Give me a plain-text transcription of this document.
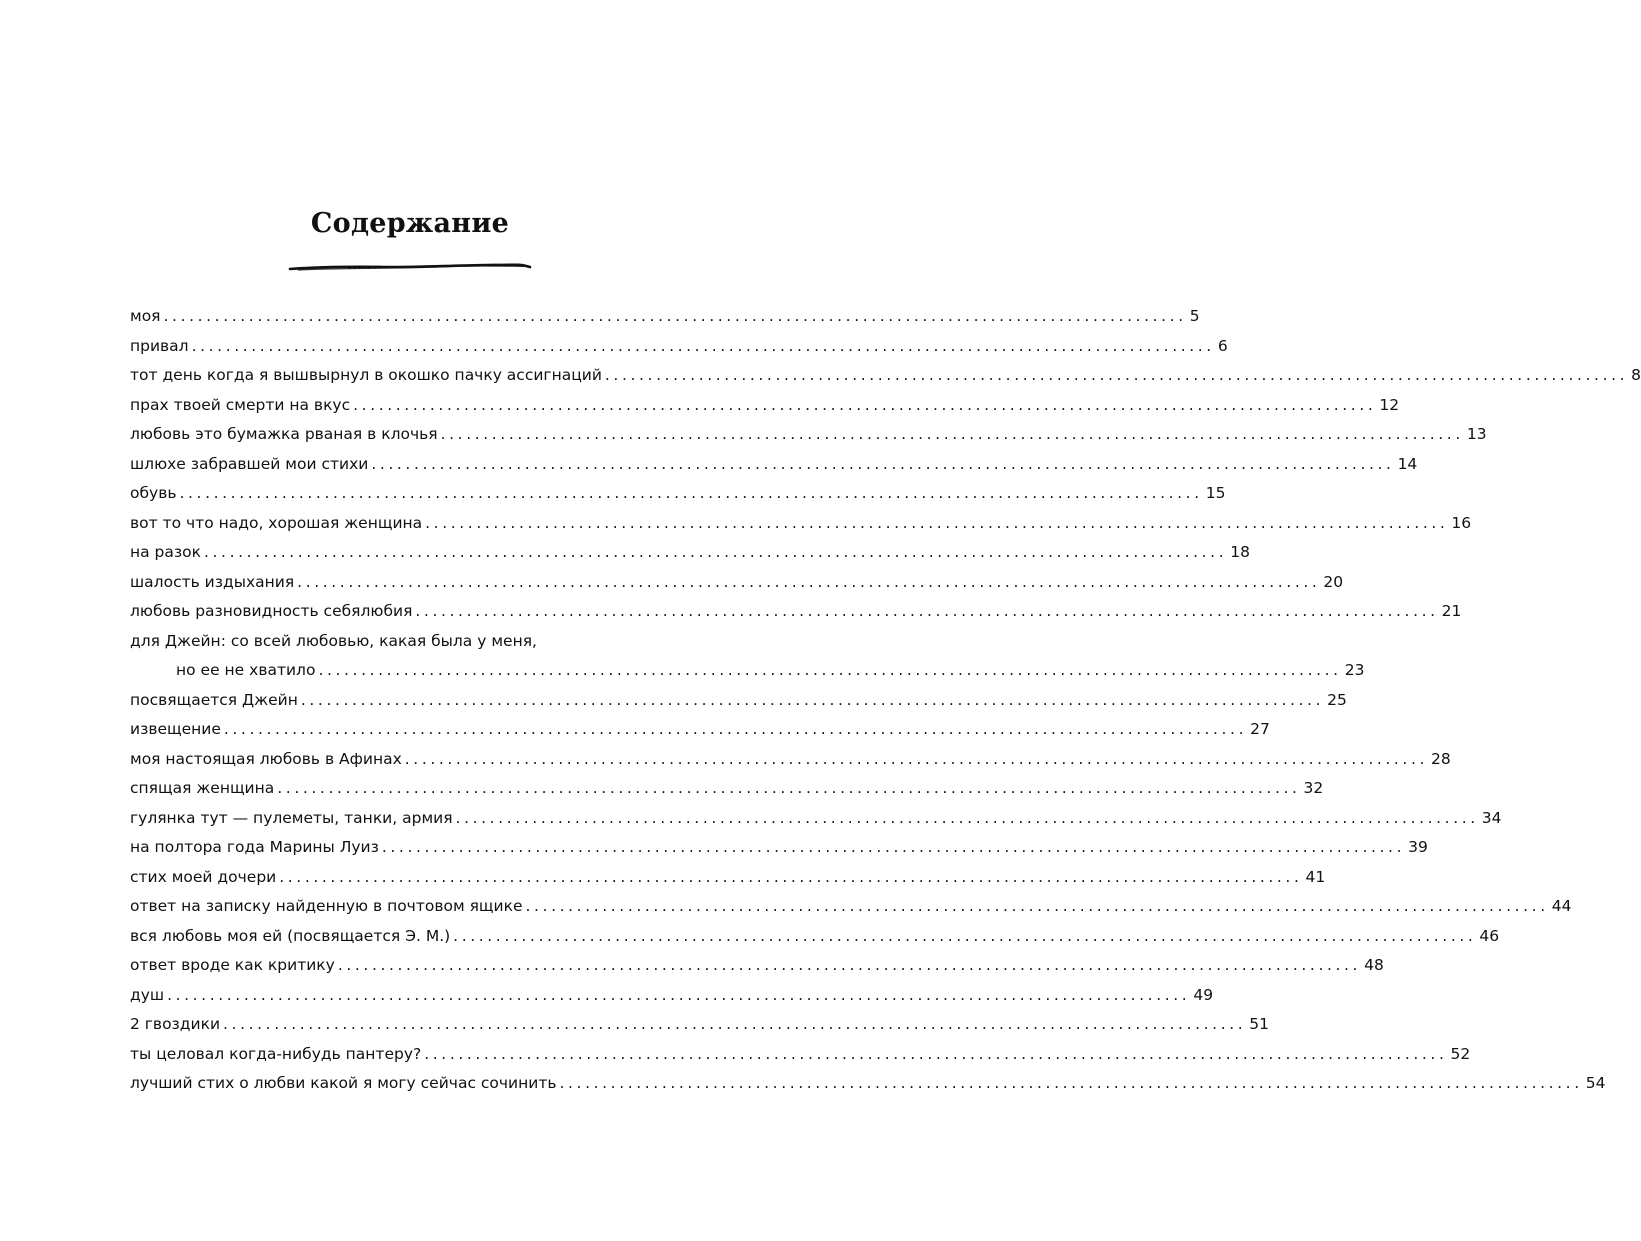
Содержание
моя ........................................................................................................................ 5
привал ........................................................................................................................ 6
тот день когда я вышвырнул в окошко пачку ассигнаций ........................................................................................................................ 8
прах твоей смерти на вкус ........................................................................................................................ 12
любовь это бумажка рваная в клочья ........................................................................................................................ 13
шлюхе забравшей мои стихи ........................................................................................................................ 14
обувь ........................................................................................................................ 15
вот то что надо, хорошая женщина ........................................................................................................................ 16
на разок ........................................................................................................................ 18
шалость издыхания ........................................................................................................................ 20
любовь разновидность себялюбия ........................................................................................................................ 21
для Джейн: со всей любовью, какая была у меня,
но ее не хватило ........................................................................................................................ 23
посвящается Джейн ........................................................................................................................ 25
извещение ........................................................................................................................ 27
моя настоящая любовь в Афинах ........................................................................................................................ 28
спящая женщина ........................................................................................................................ 32
гулянка тут — пулеметы, танки, армия ........................................................................................................................ 34
на полтора года Марины Луиз ........................................................................................................................ 39
стих моей дочери ........................................................................................................................ 41
ответ на записку найденную в почтовом ящике ........................................................................................................................ 44
вся любовь моя ей (посвящается Э. М.) ........................................................................................................................ 46
ответ вроде как критику ........................................................................................................................ 48
душ ........................................................................................................................ 49
2 гвоздики ........................................................................................................................ 51
ты целовал когда-нибудь пантеру? ........................................................................................................................ 52
лучший стих о любви какой я могу сейчас сочинить ........................................................................................................................ 54
